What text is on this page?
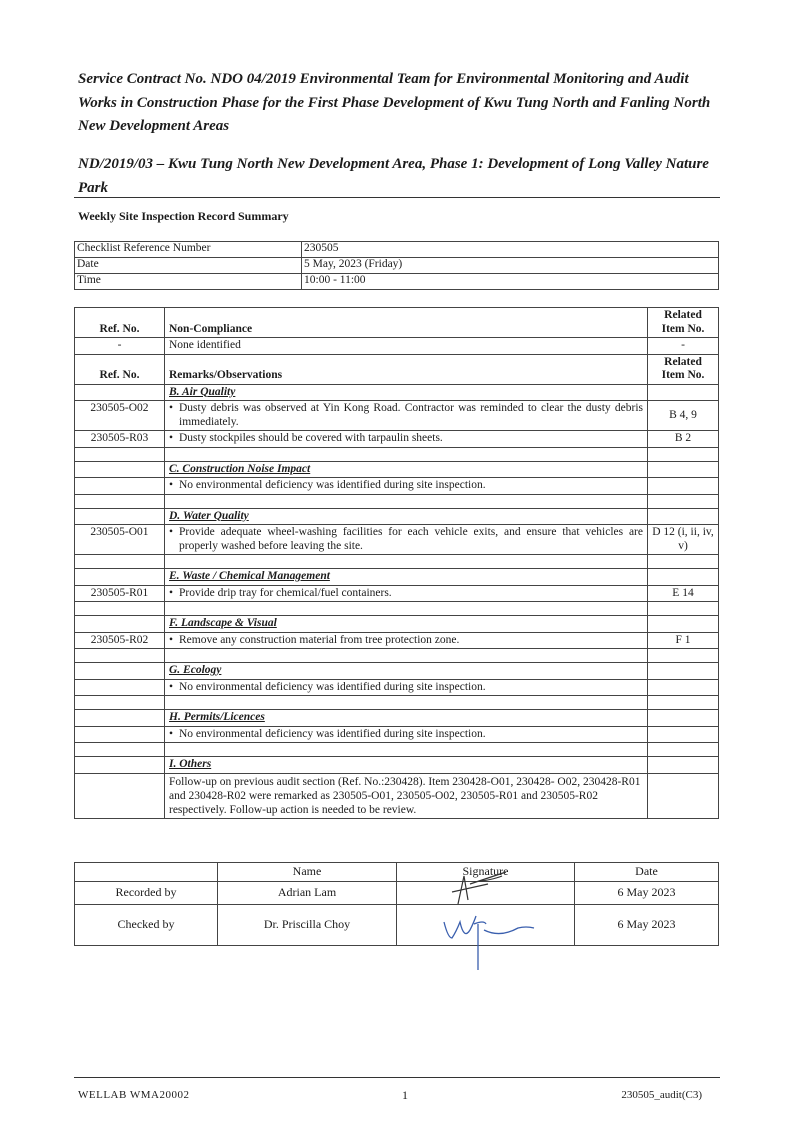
Service Contract No. NDO 04/2019 Environmental Team for Environmental Monitoring and Audit Works in Construction Phase for the First Phase Development of Kwu Tung North and Fanling North New Development Areas
ND/2019/03 – Kwu Tung North New Development Area, Phase 1: Development of Long Valley Nature Park
Weekly Site Inspection Record Summary
Checklist Reference Number	230505
Date	5 May, 2023 (Friday)
Time	10:00 - 11:00
Ref. No.	Non-Compliance	Related Item No.
-	None identified	-
Ref. No.	Remarks/Observations	Related Item No.
	B. Air Quality	
230505-O02	• Dusty debris was observed at Yin Kong Road. Contractor was reminded to clear the dusty debris immediately.	B 4, 9
230505-R03	• Dusty stockpiles should be covered with tarpaulin sheets.	B 2

	C. Construction Noise Impact	

	• No environmental deficiency was identified during site inspection.	

	D. Water Quality	
230505-O01	• Provide adequate wheel-washing facilities for each vehicle exits, and ensure that vehicles are properly washed before leaving the site.	D 12 (i, ii, iv, v)

	E. Waste / Chemical Management	
230505-R01	• Provide drip tray for chemical/fuel containers.	E 14

	F. Landscape & Visual	
230505-R02	• Remove any construction material from tree protection zone.	F 1

	G. Ecology	

	• No environmental deficiency was identified during site inspection.	

	H. Permits/Licences	

	• No environmental deficiency was identified during site inspection.	

	I. Others	
	Follow-up on previous audit section (Ref. No.:230428). Item 230428-O01, 230428- O02, 230428-R01 and 230428-R02 were remarked as 230505-O01, 230505-O02, 230505-R01 and 230505-R02 respectively. Follow-up action is needed to be review.	
	Name	Signature	Date
Recorded by	Adrian Lam		6 May 2023
Checked by	Dr. Priscilla Choy		6 May 2023
WELLAB WMA20002	1	230505_audit(C3)
